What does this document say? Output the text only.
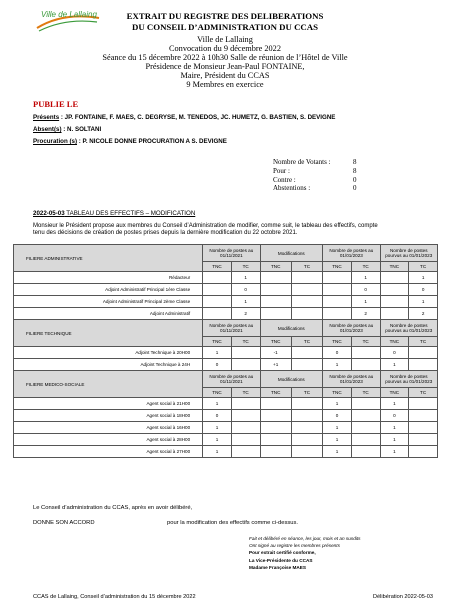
Ville de Lallaing	EXTRAIT DU REGISTRE DES DELIBERATIONS
DU CONSEIL D’ADMINISTRATION DU CCAS
Ville de Lallaing
Convocation du 9 décembre 2022
Séance du 15 décembre 2022 à 10h30 Salle de réunion de l’Hôtel de Ville
Présidence de Monsieur Jean-Paul FONTAINE,
Maire, Président du CCAS
9 Membres en exercice
PUBLIE LE
Présents : JP. FONTAINE, F. MAES, C. DEGRYSE, M. TENEDOS, JC. HUMETZ, G. BASTIEN, S. DEVIGNE
Absent(s) : N. SOLTANI
Procuration (s) : P. NICOLE DONNE PROCURATION A S. DEVIGNE
Nombre de Votants :	8
Pour :	8
Contre :	0
Abstentions :	0
2022-05-03 TABLEAU DES EFFECTIFS – MODIFICATION
Monsieur le Président propose aux membres du Conseil d’Administration de modifier, comme suit, le tableau des effectifs, compte
tenu des décisions de création de postes prises depuis la dernière modification du 22 octobre 2021.
FILIERE ADMINISTRATIVE	Nombre de postes au 01/11/2021		Modifications		Nombre de postes au 01/01/2023		Nombre de postes pourvus au 01/01/2023	
	TNC	TC	TNC	TC	TNC	TC	TNC	TC
Rédacteur		1				1		1
Adjoint Administratif Principal 1ère Classe		0				0		0
Adjoint Administratif Principal 2ème Classe		1				1		1
Adjoint Administratif		2				2		2
FILIERE TECHNIQUE	Nombre de postes au 01/11/2021		Modifications		Nombre de postes au 01/01/2023		Nombre de postes pourvus au 01/01/2023	
	TNC	TC	TNC	TC	TNC	TC	TNC	TC
Adjoint Technique à 20H00	1		-1		0		0	
Adjoint Technique à 24H	0		+1		1		1	
FILIERE MEDICO-SOCIALE	Nombre de postes au 01/11/2021		Modifications		Nombre de postes au 01/01/2023		Nombre de postes pourvus au 01/01/2023	
	TNC	TC	TNC	TC	TNC	TC	TNC	TC
Agent social à 21H00	1				1		1	
Agent social à 18H00	0				0		0	
Agent social à 16H00	1				1		1	
Agent social à 28H00	1				1		1	
Agent social à 27H00	1				1		1	
Le Conseil d’administration du CCAS, après en avoir délibéré,
DONNE SON ACCORD	pour la modification des effectifs comme ci-dessus.
Fait et délibéré en séance, les jour, mois et an susdits
Ont signé au registre les membres présents
Pour extrait certifié conforme,
La Vice-Présidente du CCAS
Madame Françoise MAES
CCAS de Lallaing, Conseil d’administration du 15 décembre 2022	Délibération 2022-05-03
